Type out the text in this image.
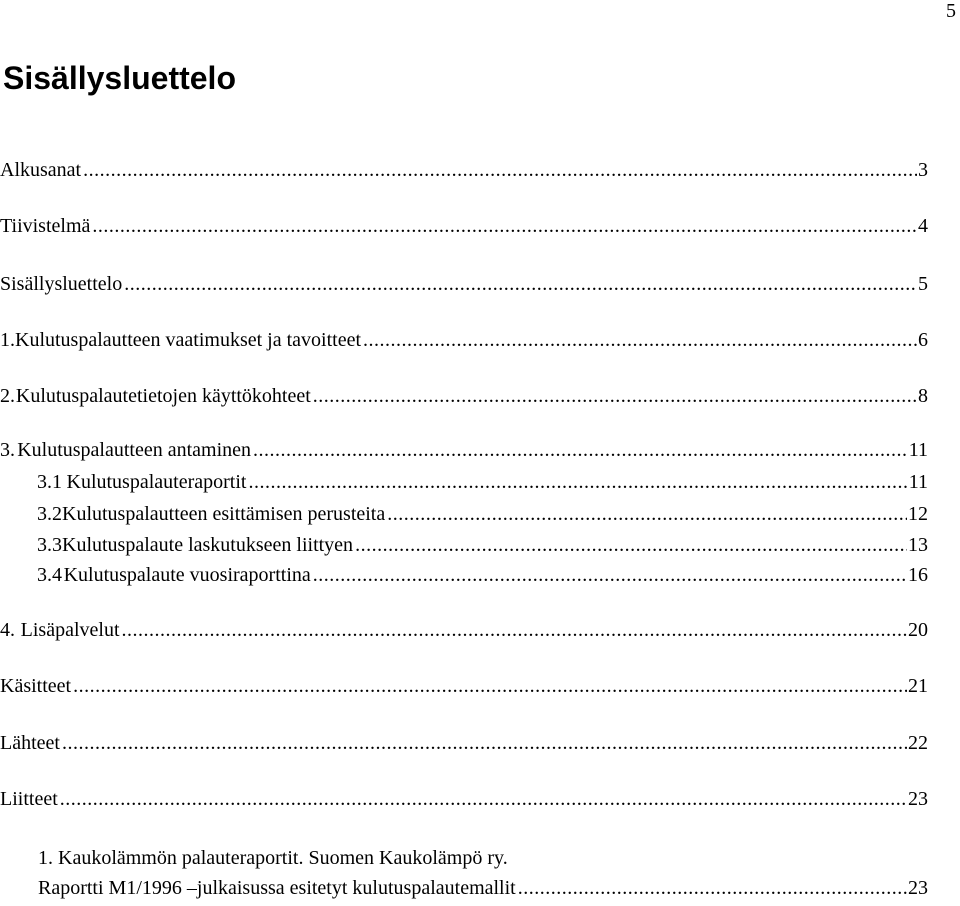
5
Sisällysluettelo
Alkusanat .....	3
Tiivistelmä .....	4
Sisällysluettelo .....	5
1. Kulutuspalautteen vaatimukset ja tavoitteet .....	6
2. Kulutuspalautetietojen käyttökohteet .....	8
3. Kulutuspalautteen antaminen .....	11
3.1 Kulutuspalauteraportit .....	11
3.2 Kulutuspalautteen esittämisen perusteita .....	12
3.3 Kulutuspalaute laskutukseen liittyen .....	13
3.4 Kulutuspalaute vuosiraporttina .....	16
4. Lisäpalvelut .....	20
Käsitteet .....	21
Lähteet .....	22
Liitteet .....	23
1. Kaukolämmön palauteraportit. Suomen Kaukolämpö ry.
Raportti M1/1996 –julkaisussa esitetyt kulutuspalautemallit .....	23
